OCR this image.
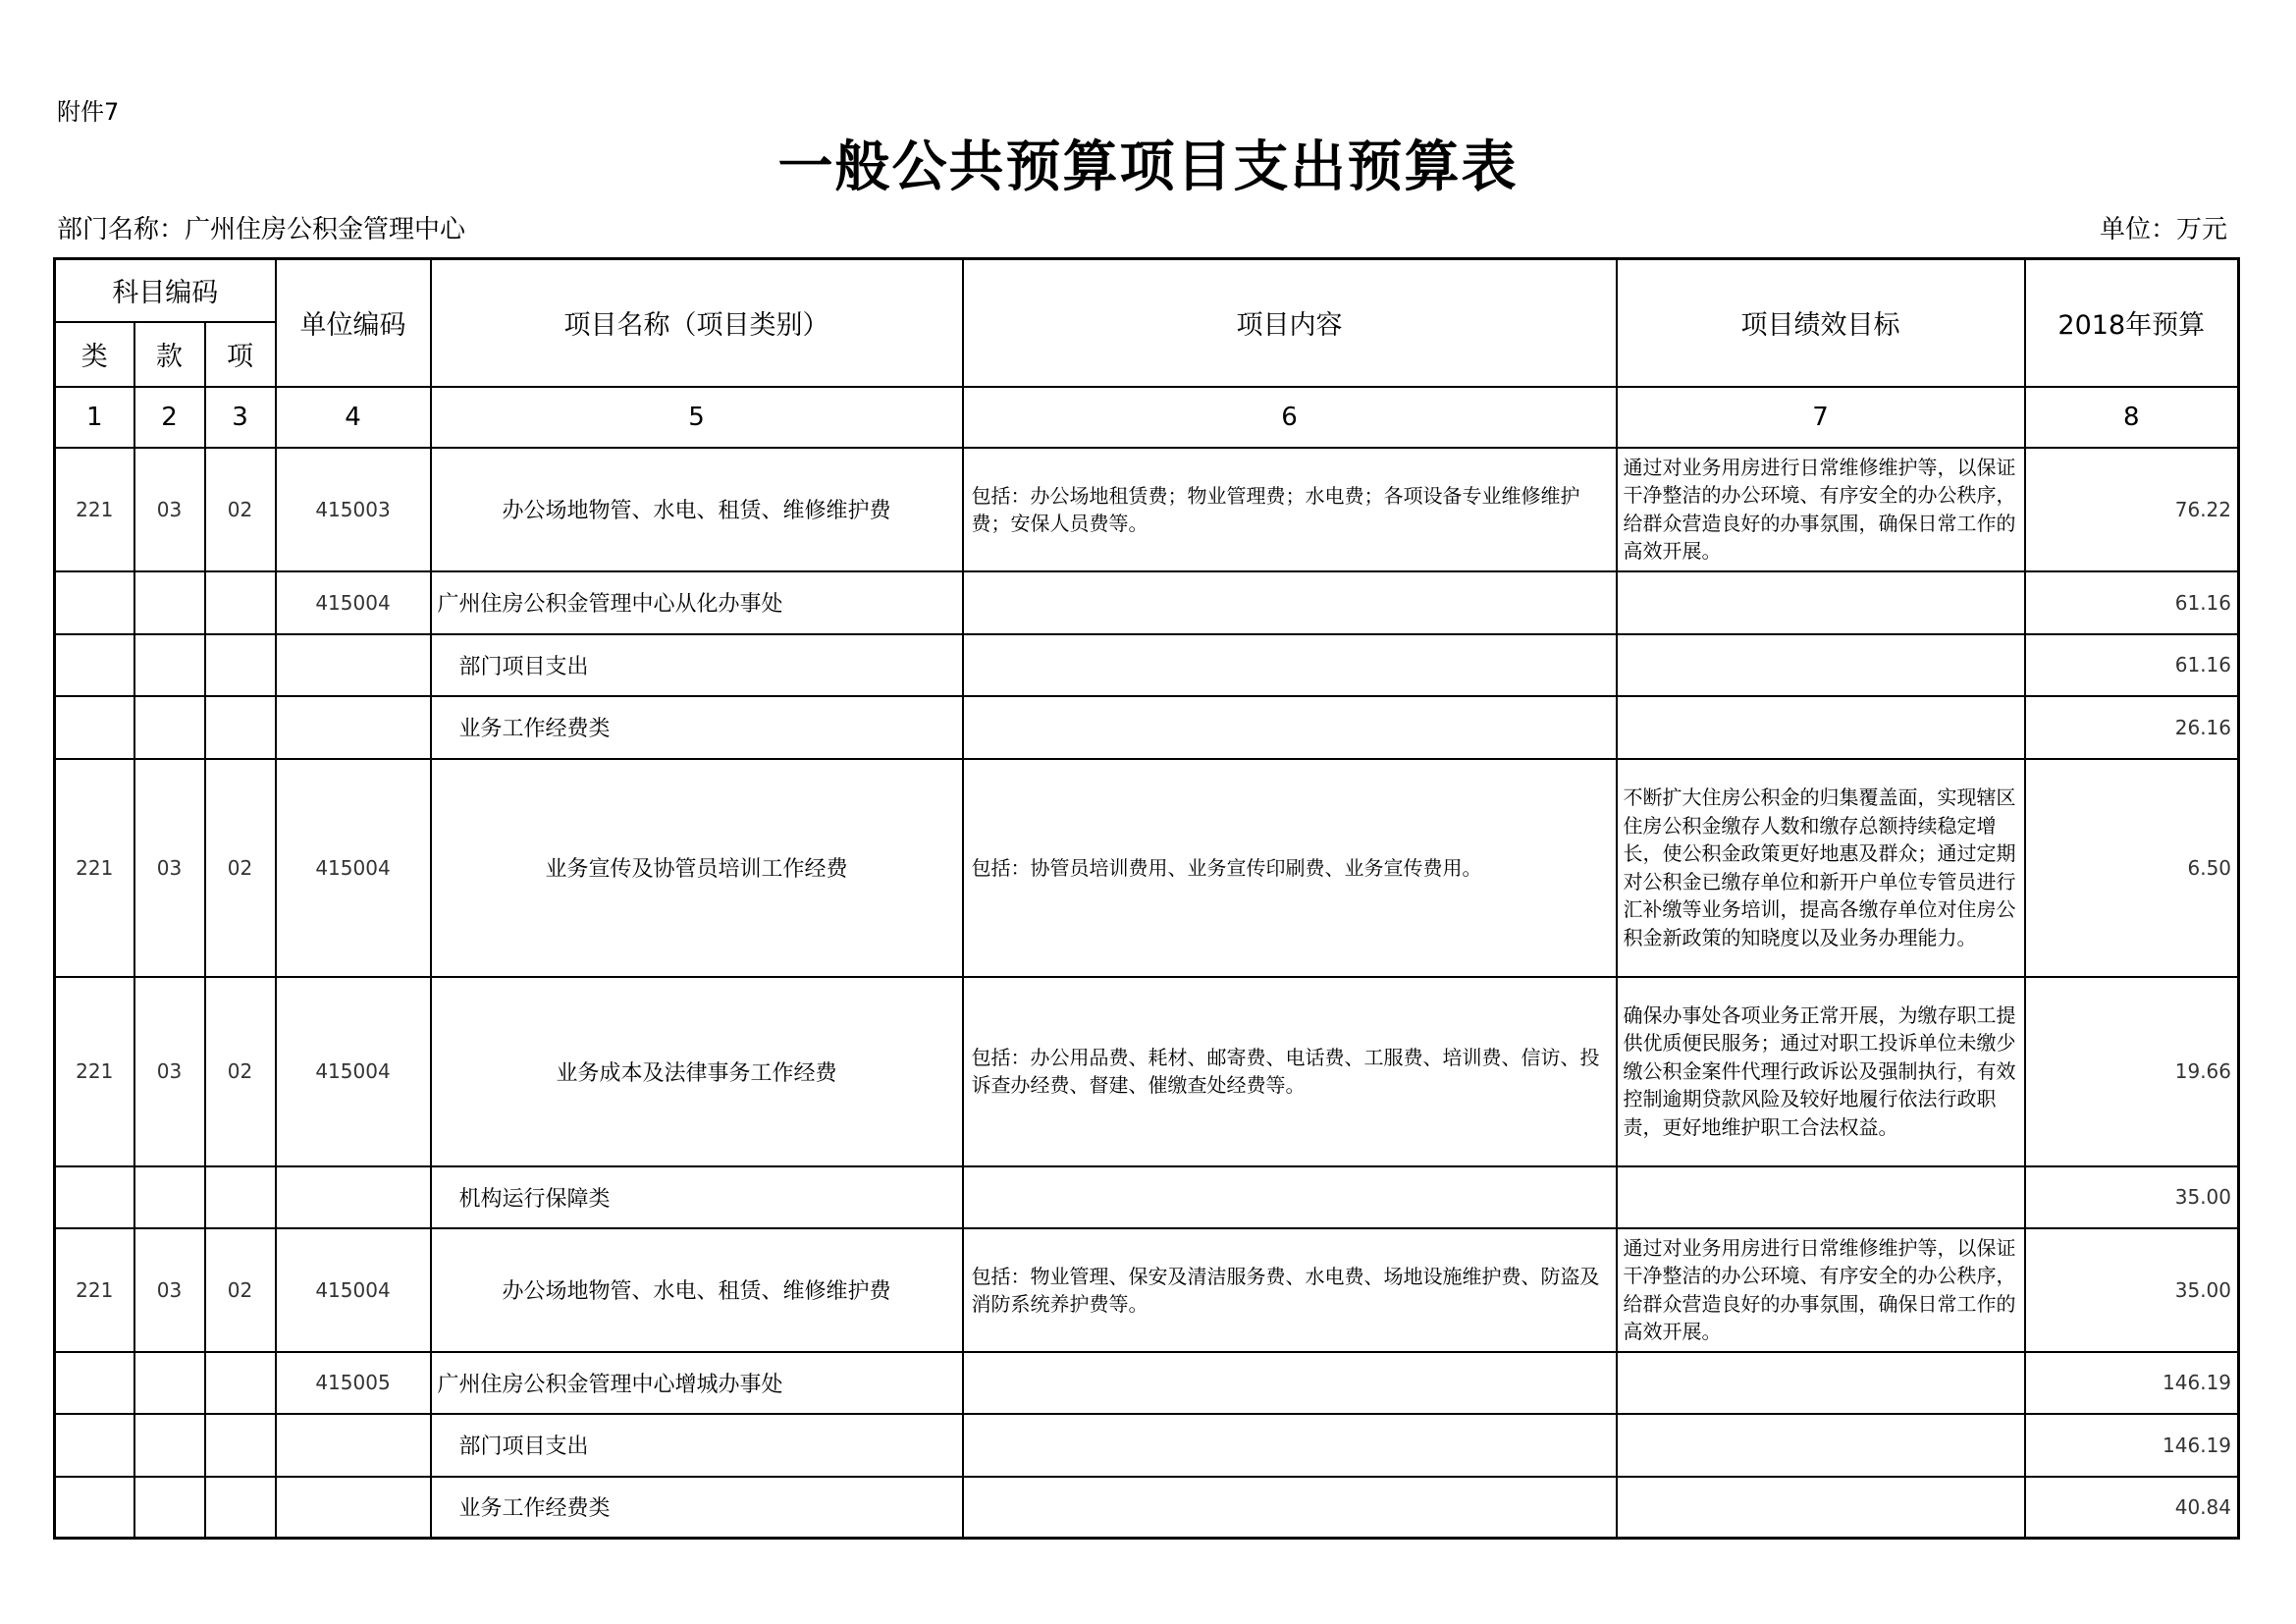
附件7
一般公共预算项目支出预算表
部门名称：广州住房公积金管理中心	单位：万元
科目编码			单位编码	项目名称（项目类别）	项目内容	项目绩效目标	2018年预算
类	款	项					
1	2	3	4	5	6	7	8
221	03	02	415003	办公场地物管、水电、租赁、维修维护费	包括：办公场地租赁费；物业管理费；水电费；各项设备专业维修维护费；安保人员费等。	通过对业务用房进行日常维修维护等，以保证干净整洁的办公环境、有序安全的办公秩序，给群众营造良好的办事氛围，确保日常工作的高效开展。	76.22
			415004	广州住房公积金管理中心从化办事处			61.16
				部门项目支出			61.16
				业务工作经费类			26.16
221	03	02	415004	业务宣传及协管员培训工作经费	包括：协管员培训费用、业务宣传印刷费、业务宣传费用。	不断扩大住房公积金的归集覆盖面，实现辖区住房公积金缴存人数和缴存总额持续稳定增长，使公积金政策更好地惠及群众；通过定期对公积金已缴存单位和新开户单位专管员进行汇补缴等业务培训，提高各缴存单位对住房公积金新政策的知晓度以及业务办理能力。	6.50
221	03	02	415004	业务成本及法律事务工作经费	包括：办公用品费、耗材、邮寄费、电话费、工服费、培训费、信访、投诉查办经费、督建、催缴查处经费等。	确保办事处各项业务正常开展，为缴存职工提供优质便民服务；通过对职工投诉单位未缴少缴公积金案件代理行政诉讼及强制执行，有效控制逾期贷款风险及较好地履行依法行政职责，更好地维护职工合法权益。	19.66
				机构运行保障类			35.00
221	03	02	415004	办公场地物管、水电、租赁、维修维护费	包括：物业管理、保安及清洁服务费、水电费、场地设施维护费、防盗及消防系统养护费等。	通过对业务用房进行日常维修维护等，以保证干净整洁的办公环境、有序安全的办公秩序，给群众营造良好的办事氛围，确保日常工作的高效开展。	35.00
			415005	广州住房公积金管理中心增城办事处			146.19
				部门项目支出			146.19
				业务工作经费类			40.84
